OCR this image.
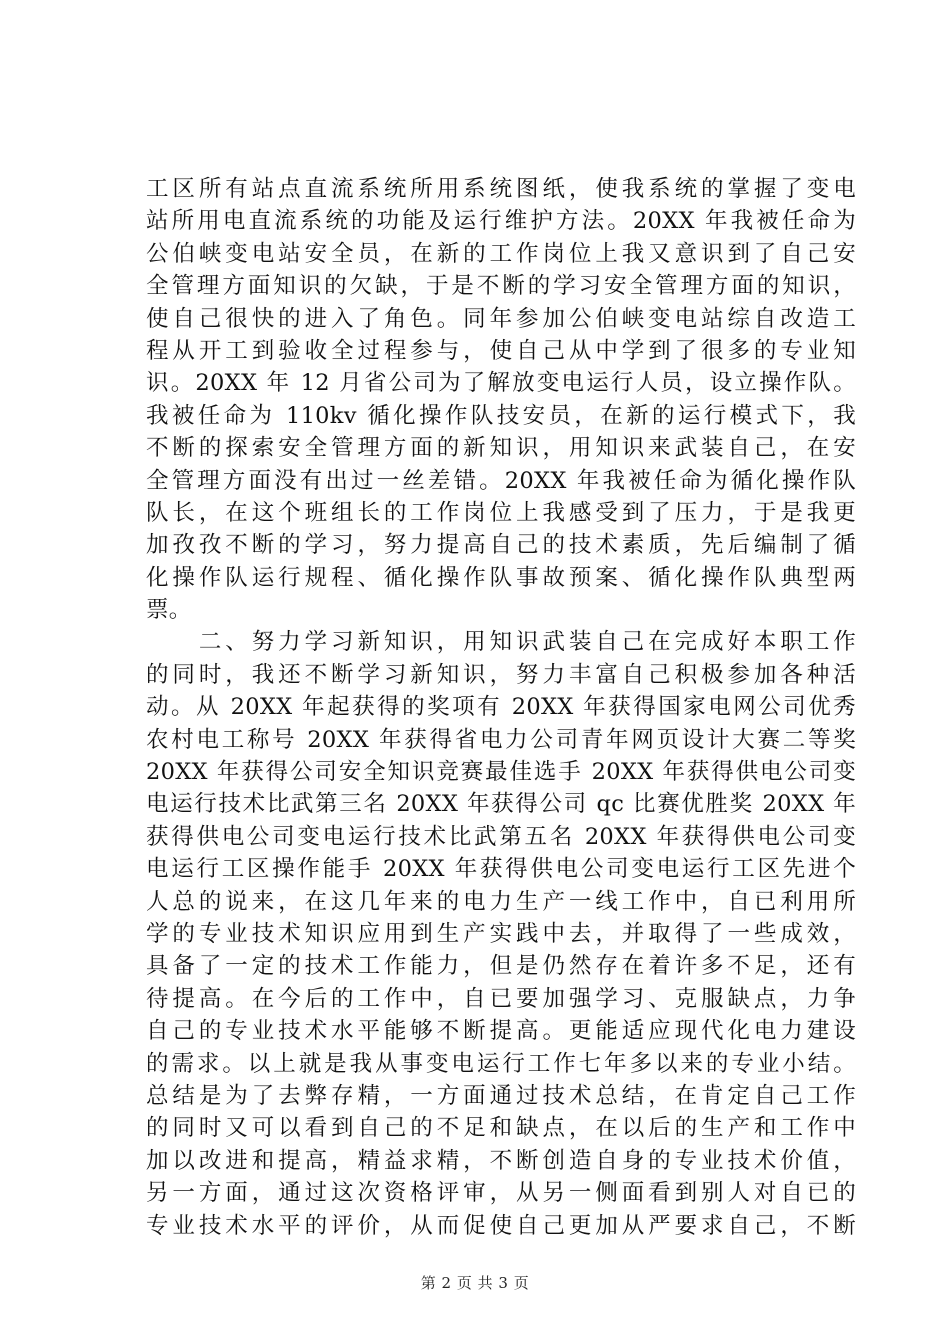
工区所有站点直流系统所用系统图纸，使我系统的掌握了变电
站所用电直流系统的功能及运行维护方法。20XX 年我被任命为
公伯峡变电站安全员，在新的工作岗位上我又意识到了自己安
全管理方面知识的欠缺，于是不断的学习安全管理方面的知识，
使自己很快的进入了角色。同年参加公伯峡变电站综自改造工
程从开工到验收全过程参与，使自己从中学到了很多的专业知
识。20XX 年 12 月省公司为了解放变电运行人员，设立操作队。
我被任命为 110kv 循化操作队技安员，在新的运行模式下，我
不断的探索安全管理方面的新知识，用知识来武装自己，在安
全管理方面没有出过一丝差错。20XX 年我被任命为循化操作队
队长，在这个班组长的工作岗位上我感受到了压力，于是我更
加孜孜不断的学习，努力提高自己的技术素质，先后编制了循
化操作队运行规程、循化操作队事故预案、循化操作队典型两
票。
　　二、努力学习新知识，用知识武装自己在完成好本职工作
的同时，我还不断学习新知识，努力丰富自己积极参加各种活
动。从 20XX 年起获得的奖项有 20XX 年获得国家电网公司优秀
农村电工称号 20XX 年获得省电力公司青年网页设计大赛二等奖
20XX 年获得公司安全知识竞赛最佳选手 20XX 年获得供电公司变
电运行技术比武第三名 20XX 年获得公司 qc 比赛优胜奖 20XX 年
获得供电公司变电运行技术比武第五名 20XX 年获得供电公司变
电运行工区操作能手 20XX 年获得供电公司变电运行工区先进个
人总的说来，在这几年来的电力生产一线工作中，自已利用所
学的专业技术知识应用到生产实践中去，并取得了一些成效，
具备了一定的技术工作能力，但是仍然存在着许多不足，还有
待提高。在今后的工作中，自已要加强学习、克服缺点，力争
自己的专业技术水平能够不断提高。更能适应现代化电力建设
的需求。以上就是我从事变电运行工作七年多以来的专业小结。
总结是为了去弊存精，一方面通过技术总结，在肯定自己工作
的同时又可以看到自己的不足和缺点，在以后的生产和工作中
加以改进和提高，精益求精，不断创造自身的专业技术价值，
另一方面，通过这次资格评审，从另一侧面看到别人对自已的
专业技术水平的评价，从而促使自己更加从严要求自己，不断
第 2 页 共 3 页
